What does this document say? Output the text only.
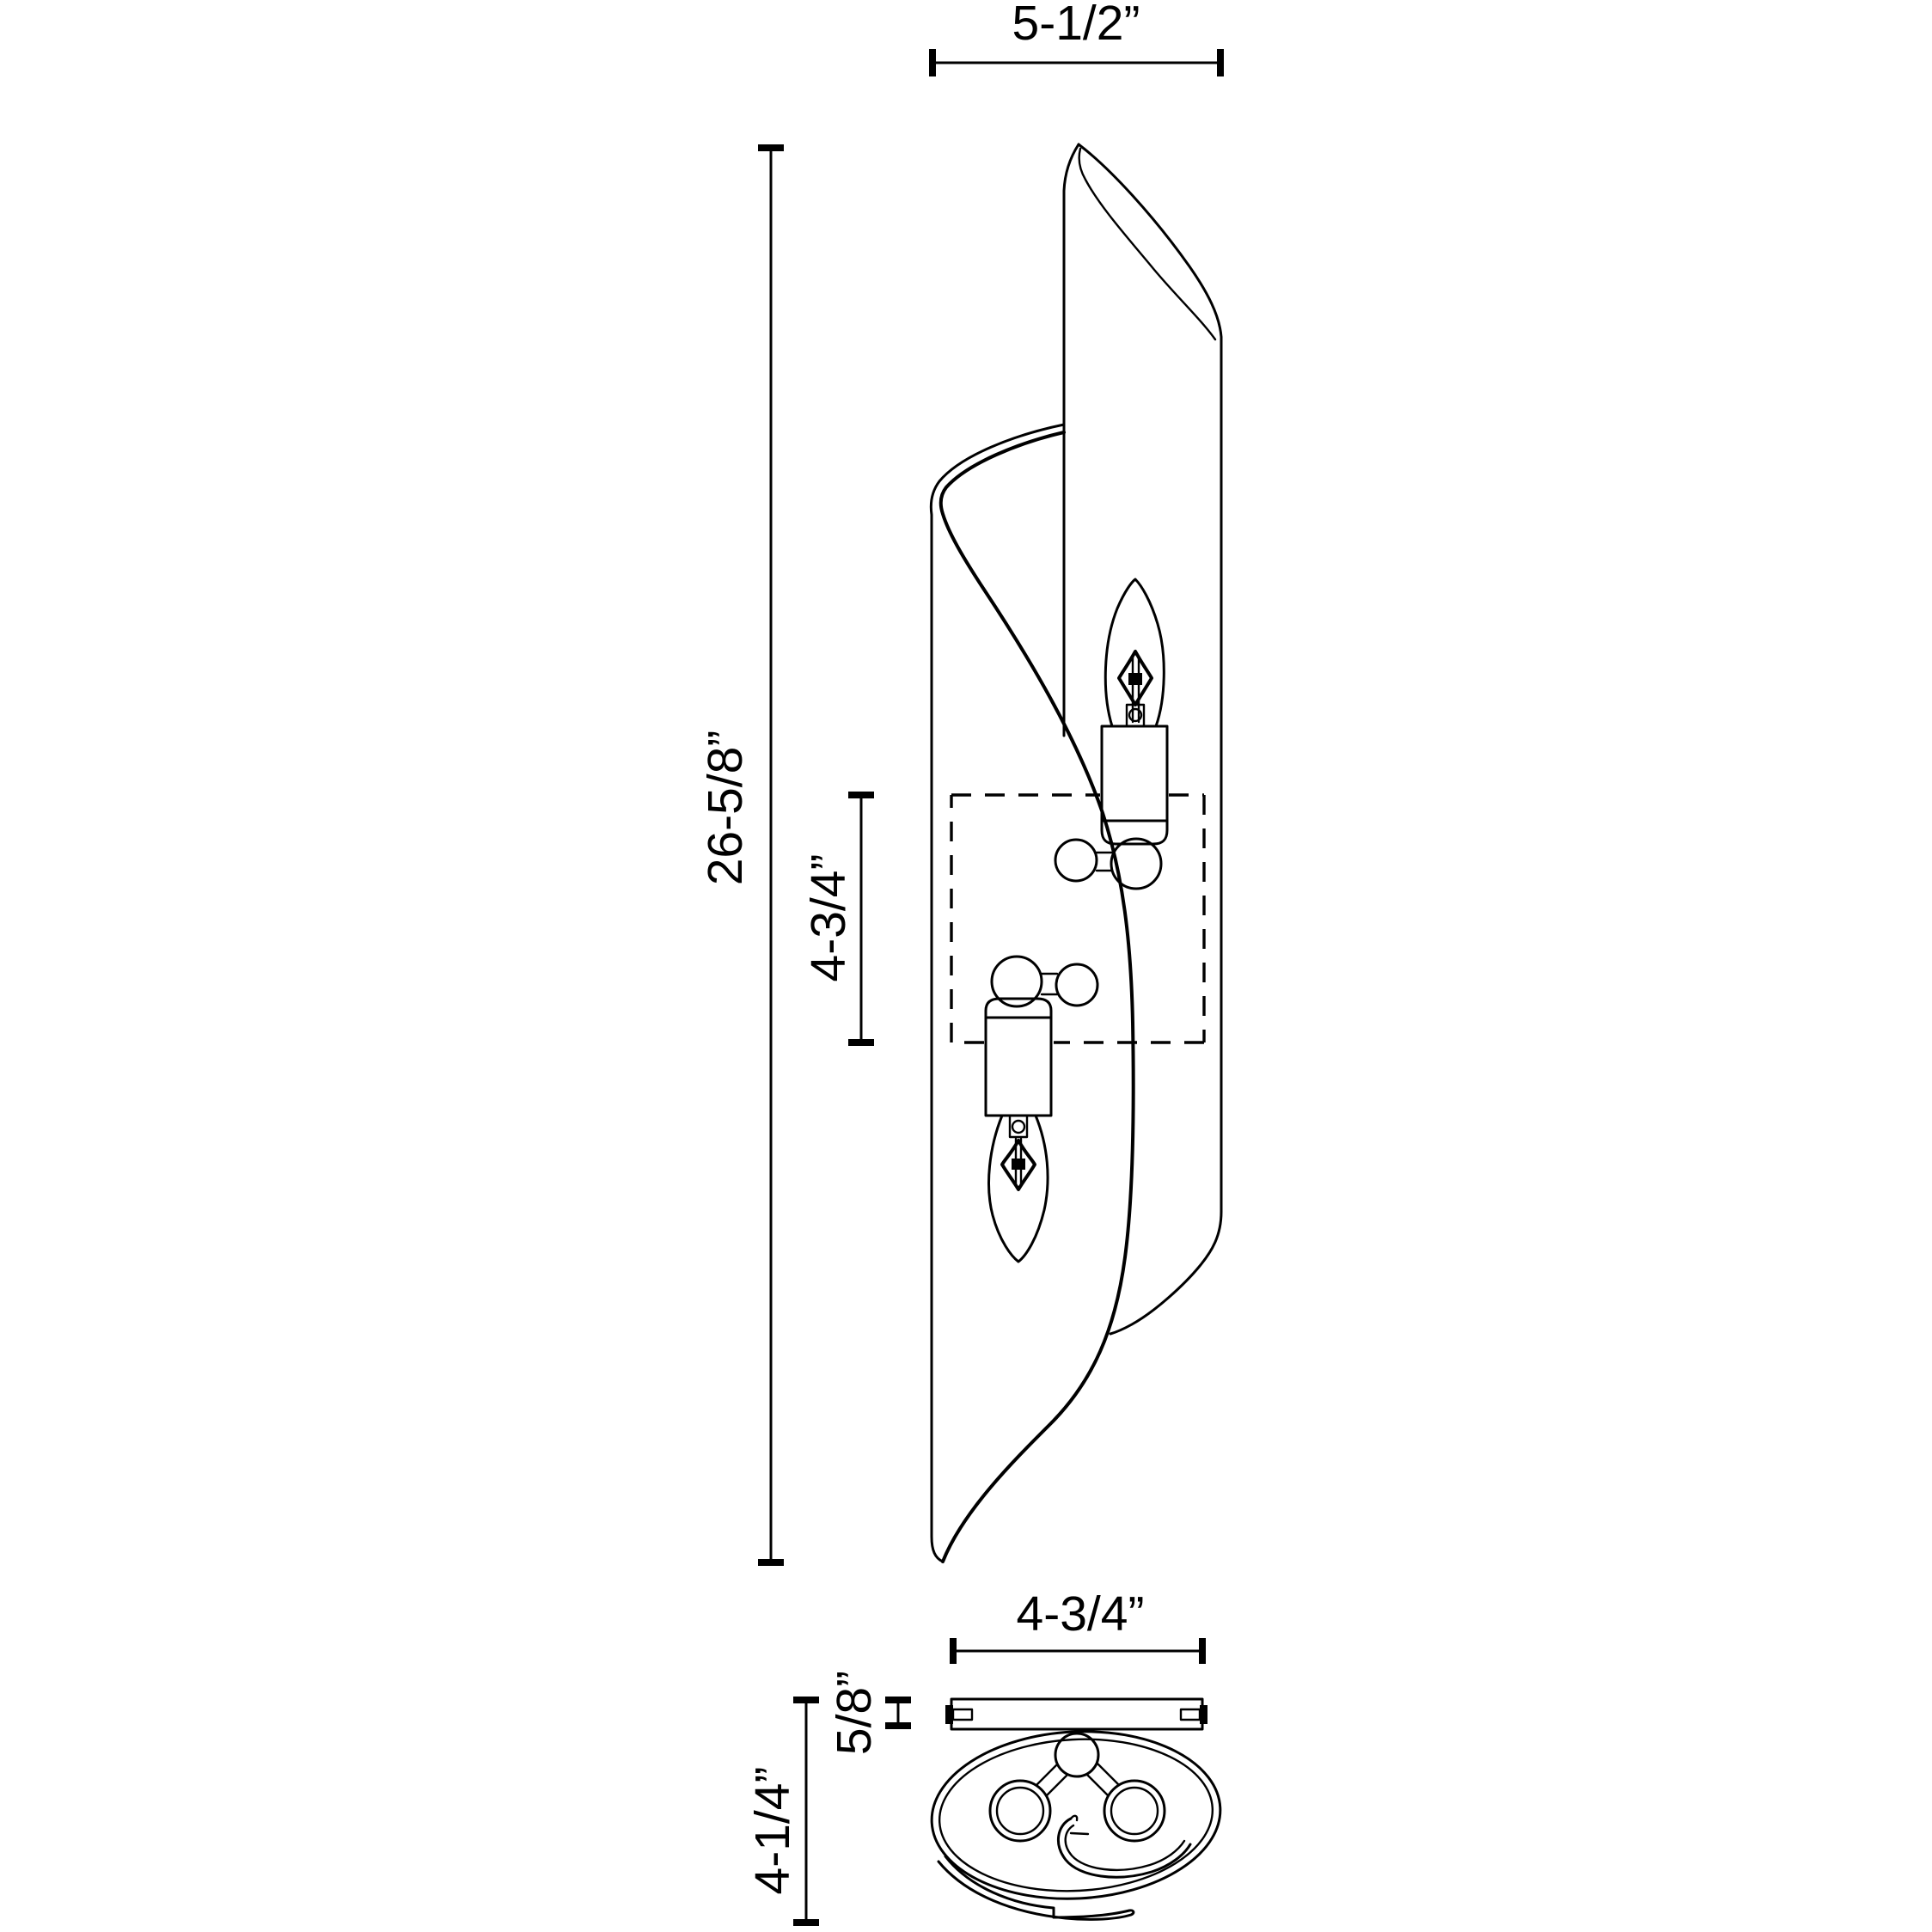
5-1/2”
26-5/8”
4-3/4”
4-3/4”
5/8”
4-1/4”
